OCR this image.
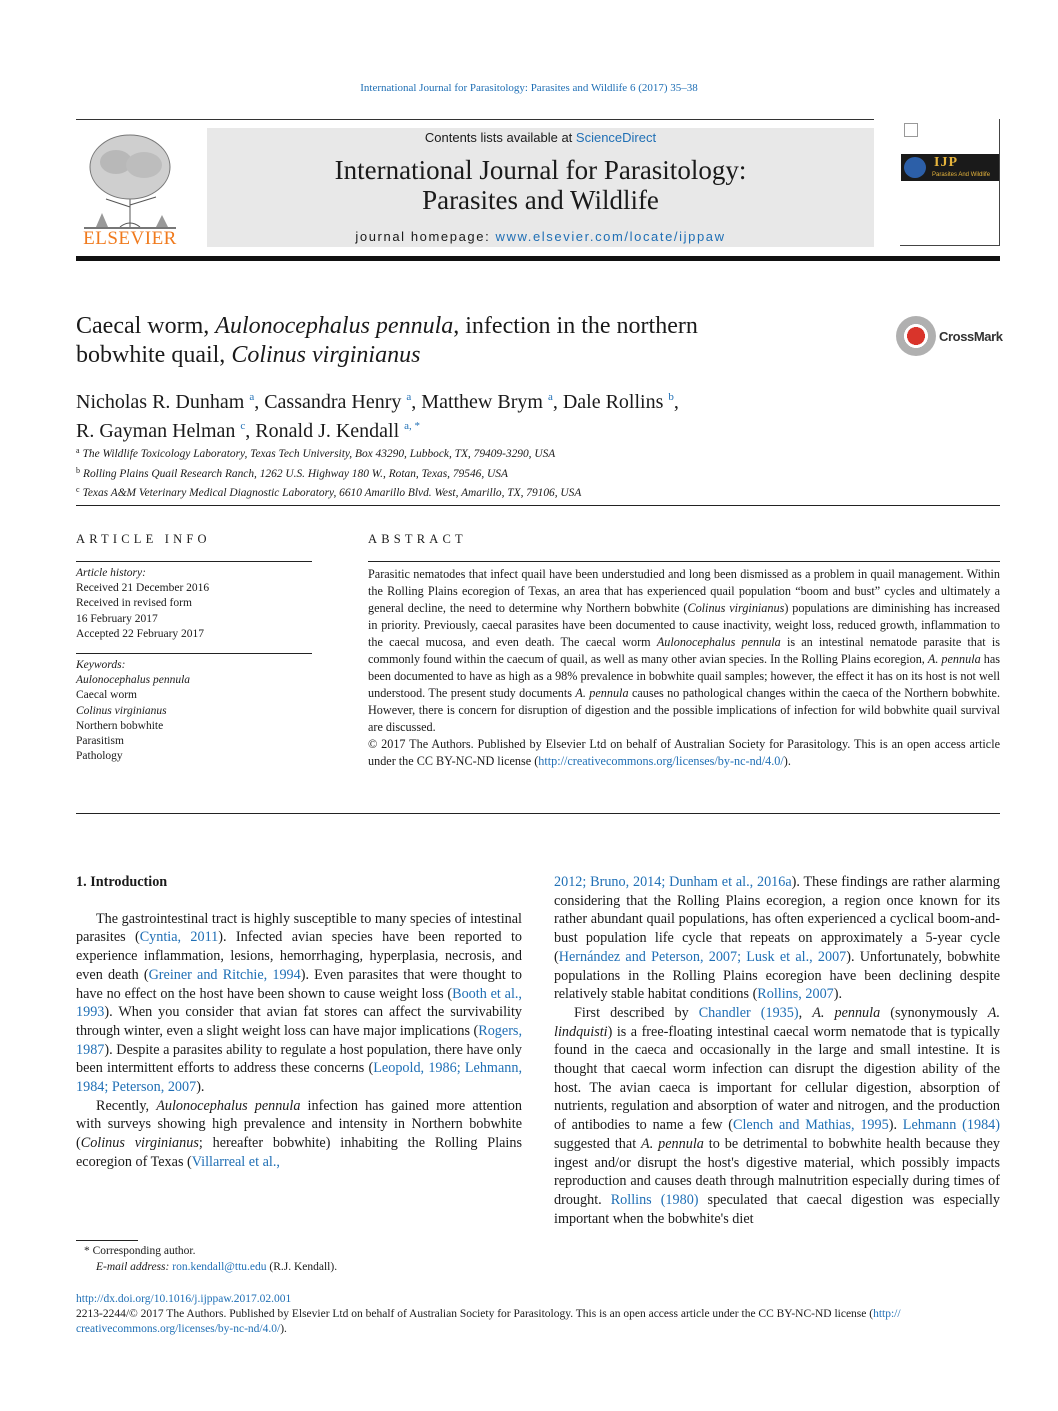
International Journal for Parasitology: Parasites and Wildlife 6 (2017) 35–38
ELSEVIER
Contents lists available at ScienceDirect
International Journal for Parasitology:
Parasites and Wildlife
journal homepage: www.elsevier.com/locate/ijppaw
IJP
Parasites And Wildlife
Caecal worm, Aulonocephalus pennula, infection in the northern
bobwhite quail, Colinus virginianus
CrossMark
Nicholas R. Dunham $^a$, Cassandra Henry $^a$, Matthew Brym $^a$, Dale Rollins $^b$,
R. Gayman Helman $^c$, Ronald J. Kendall $^{a, *}$
$^a$ The Wildlife Toxicology Laboratory, Texas Tech University, Box 43290, Lubbock, TX, 79409-3290, USA
$^b$ Rolling Plains Quail Research Ranch, 1262 U.S. Highway 180 W., Rotan, Texas, 79546, USA
$^c$ Texas A&M Veterinary Medical Diagnostic Laboratory, 6610 Amarillo Blvd. West, Amarillo, TX, 79106, USA
ARTICLE INFO
Article history:
Received 21 December 2016
Received in revised form
16 February 2017
Accepted 22 February 2017
Keywords:
Aulonocephalus pennula
Caecal worm
Colinus virginianus
Northern bobwhite
Parasitism
Pathology
ABSTRACT
Parasitic nematodes that infect quail have been understudied and long been dismissed as a problem in quail management. Within the Rolling Plains ecoregion of Texas, an area that has experienced quail population “boom and bust” cycles and ultimately a general decline, the need to determine why Northern bobwhite (Colinus virginianus) populations are diminishing has increased in priority. Previously, caecal parasites have been documented to cause inactivity, weight loss, reduced growth, inflammation to the caecal mucosa, and even death. The caecal worm Aulonocephalus pennula is an intestinal nematode parasite that is commonly found within the caecum of quail, as well as many other avian species. In the Rolling Plains ecoregion, A. pennula has been documented to have as high as a 98% prevalence in bobwhite quail samples; however, the effect it has on its host is not well understood. The present study documents A. pennula causes no pathological changes within the caeca of the Northern bobwhite. However, there is concern for disruption of digestion and the possible implications of infection for wild bobwhite quail survival are discussed.
© 2017 The Authors. Published by Elsevier Ltd on behalf of Australian Society for Parasitology. This is an open access article under the CC BY-NC-ND license (http://creativecommons.org/licenses/by-nc-nd/4.0/).

1. Introduction

The gastrointestinal tract is highly susceptible to many species of intestinal parasites (Cyntia, 2011). Infected avian species have been reported to experience inflammation, lesions, hemorrhaging, hyperplasia, necrosis, and even death (Greiner and Ritchie, 1994). Even parasites that were thought to have no effect on the host have been shown to cause weight loss (Booth et al., 1993). When you consider that avian fat stores can affect the survivability through winter, even a slight weight loss can have major implications (Rogers, 1987). Despite a parasites ability to regulate a host population, there have only been intermittent efforts to address these concerns (Leopold, 1986; Lehmann, 1984; Peterson, 2007).

Recently, Aulonocephalus pennula infection has gained more attention with surveys showing high prevalence and intensity in Northern bobwhite (Colinus virginianus; hereafter bobwhite) inhabiting the Rolling Plains ecoregion of Texas (Villarreal et al.,

2012; Bruno, 2014; Dunham et al., 2016a). These findings are rather alarming considering that the Rolling Plains ecoregion, a region once known for its rather abundant quail populations, has often experienced a cyclical boom-and-bust population life cycle that repeats on approximately a 5-year cycle (Hernández and Peterson, 2007; Lusk et al., 2007). Unfortunately, bobwhite populations in the Rolling Plains ecoregion have been declining despite relatively stable habitat conditions (Rollins, 2007).

First described by Chandler (1935), A. pennula (synonymously A. lindquisti) is a free-floating intestinal caecal worm nematode that is typically found in the caeca and occasionally in the large and small intestine. It is thought that caecal worm infection can disrupt the digestion ability of the host. The avian caeca is important for cellular digestion, absorption of nutrients, regulation and absorption of water and nitrogen, and the production of antibodies to name a few (Clench and Mathias, 1995). Lehmann (1984) suggested that A. pennula to be detrimental to bobwhite health because they ingest and/or disrupt the host's digestive material, which possibly impacts reproduction and causes death through malnutrition especially during times of drought. Rollins (1980) speculated that caecal digestion was especially important when the bobwhite's diet

* Corresponding author.
E-mail address: ron.kendall@ttu.edu (R.J. Kendall).
http://dx.doi.org/10.1016/j.ijppaw.2017.02.001
2213-2244/© 2017 The Authors. Published by Elsevier Ltd on behalf of Australian Society for Parasitology. This is an open access article under the CC BY-NC-ND license (http://
creativecommons.org/licenses/by-nc-nd/4.0/).
